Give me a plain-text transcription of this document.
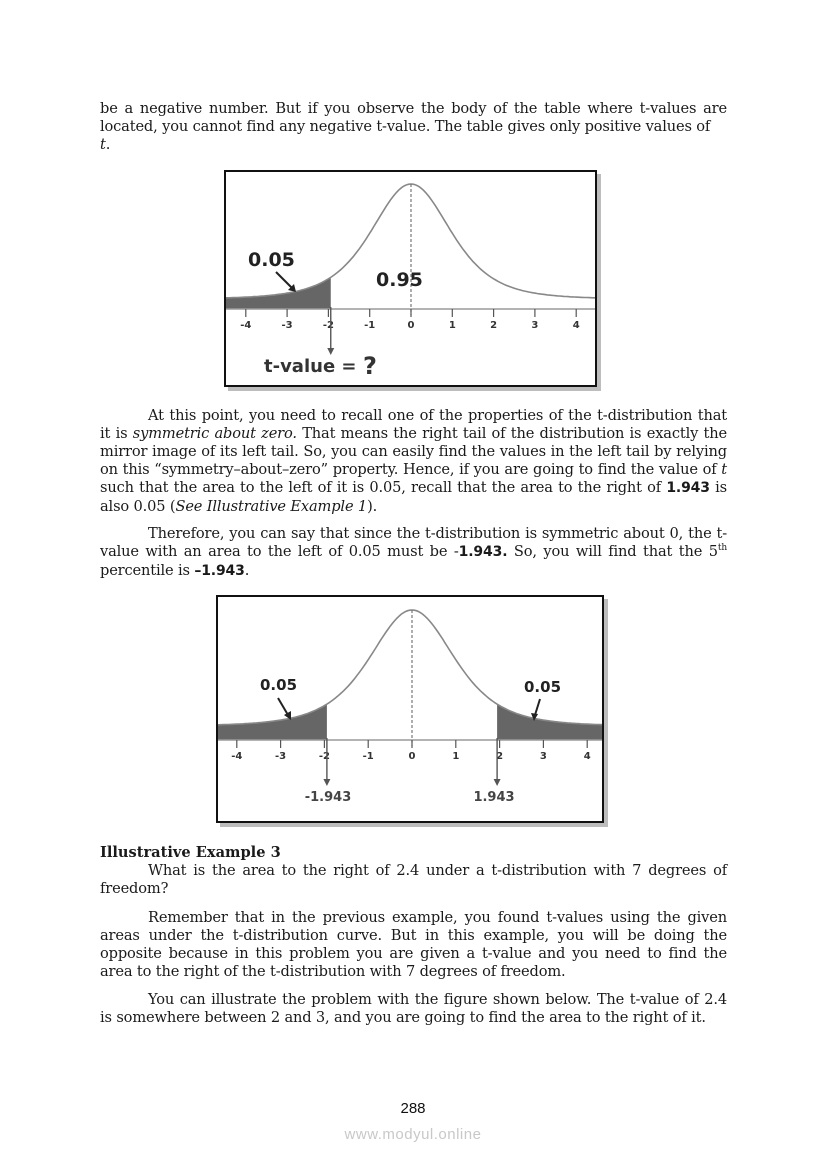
be a negative number. But if you observe the body of the table where t-values are located, you cannot find any negative t-value. The table gives only positive values of
t.

-4	-3	-2	-1	0	1	2	3	4
0.05
0.95
t-value = ?

At this point, you need to recall one of the properties of the t-distribution that it is symmetric about zero. That means the right tail of the distribution is exactly the mirror image of its left tail. So, you can easily find the values in the left tail by relying on this “symmetry–about–zero” property. Hence, if you are going to find the value of t such that the area to the left of it is 0.05, recall that the area to the right of 1.943 is also 0.05 (See Illustrative Example 1).

Therefore, you can say that since the t-distribution is symmetric about 0, the t-value with an area to the left of 0.05 must be -1.943. So, you will find that the 5th percentile is –1.943.

-4	-3	-2	-1	0	1	2	3	4
0.05	0.05
-1.943	1.943

Illustrative Example 3

What is the area to the right of 2.4 under a t-distribution with 7 degrees of freedom?

Remember that in the previous example, you found t-values using the given areas under the t-distribution curve. But in this example, you will be doing the opposite because in this problem you are given a t-value and you need to find the area to the right of the t-distribution with 7 degrees of freedom.

You can illustrate the problem with the figure shown below. The t-value of 2.4 is somewhere between 2 and 3, and you are going to find the area to the right of it.

288
www.modyul.online
